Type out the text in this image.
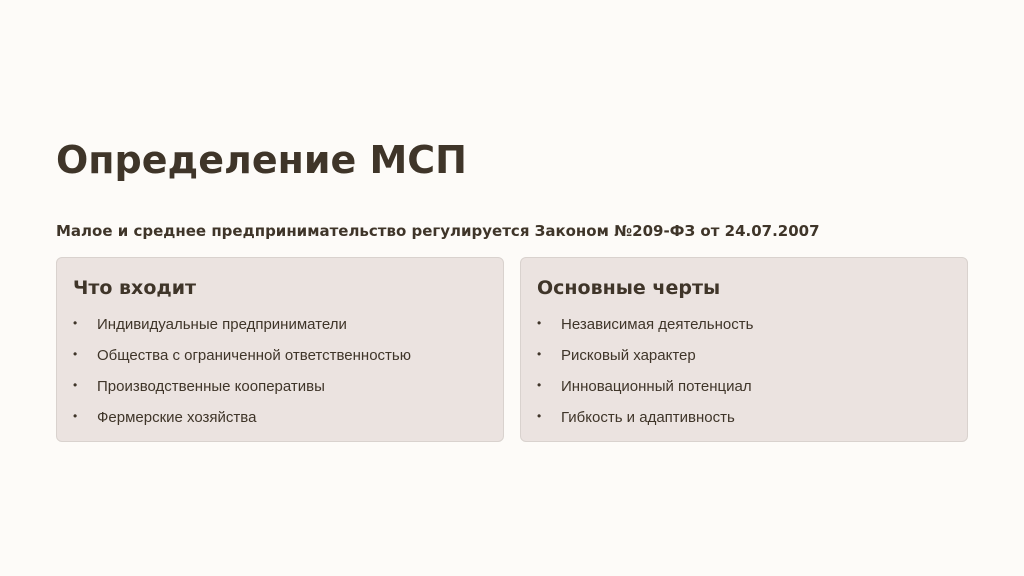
Определение МСП

Малое и среднее предпринимательство регулируется Законом №209-ФЗ от 24.07.2007

Что входит
• Индивидуальные предприниматели
• Общества с ограниченной ответственностью
• Производственные кооперативы
• Фермерские хозяйства
Основные черты
• Независимая деятельность
• Рисковый характер
• Инновационный потенциал
• Гибкость и адаптивность
